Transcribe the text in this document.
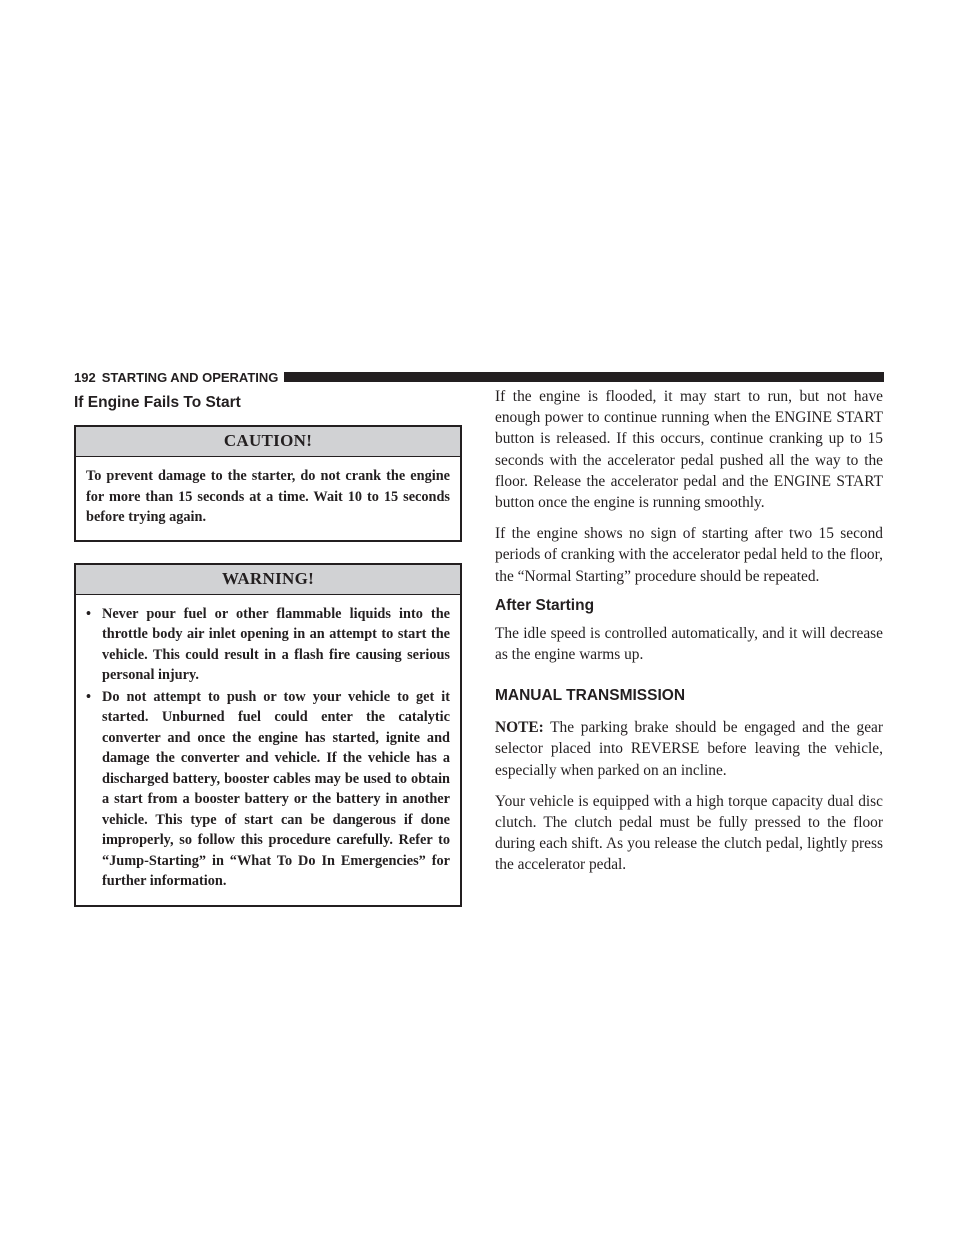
192 STARTING AND OPERATING
If Engine Fails To Start
CAUTION!
To prevent damage to the starter, do not crank the engine for more than 15 seconds at a time. Wait 10 to 15 seconds before trying again.
WARNING!
• Never pour fuel or other flammable liquids into the throttle body air inlet opening in an attempt to start the vehicle. This could result in a flash fire causing serious personal injury.
• Do not attempt to push or tow your vehicle to get it started. Unburned fuel could enter the catalytic converter and once the engine has started, ignite and damage the converter and vehicle. If the vehicle has a discharged battery, booster cables may be used to obtain a start from a booster battery or the battery in another vehicle. This type of start can be dangerous if done improperly, so follow this procedure carefully. Refer to “Jump-Starting” in “What To Do In Emergencies” for further information.

If the engine is flooded, it may start to run, but not have enough power to continue running when the ENGINE START button is released. If this occurs, continue cranking up to 15 seconds with the accelerator pedal pushed all the way to the floor. Release the accelerator pedal and the ENGINE START button once the engine is running smoothly.

If the engine shows no sign of starting after two 15 second periods of cranking with the accelerator pedal held to the floor, the “Normal Starting” procedure should be repeated.

After Starting

The idle speed is controlled automatically, and it will decrease as the engine warms up.

MANUAL TRANSMISSION

NOTE: The parking brake should be engaged and the gear selector placed into REVERSE before leaving the vehicle, especially when parked on an incline.

Your vehicle is equipped with a high torque capacity dual disc clutch. The clutch pedal must be fully pressed to the floor during each shift. As you release the clutch pedal, lightly press the accelerator pedal.
